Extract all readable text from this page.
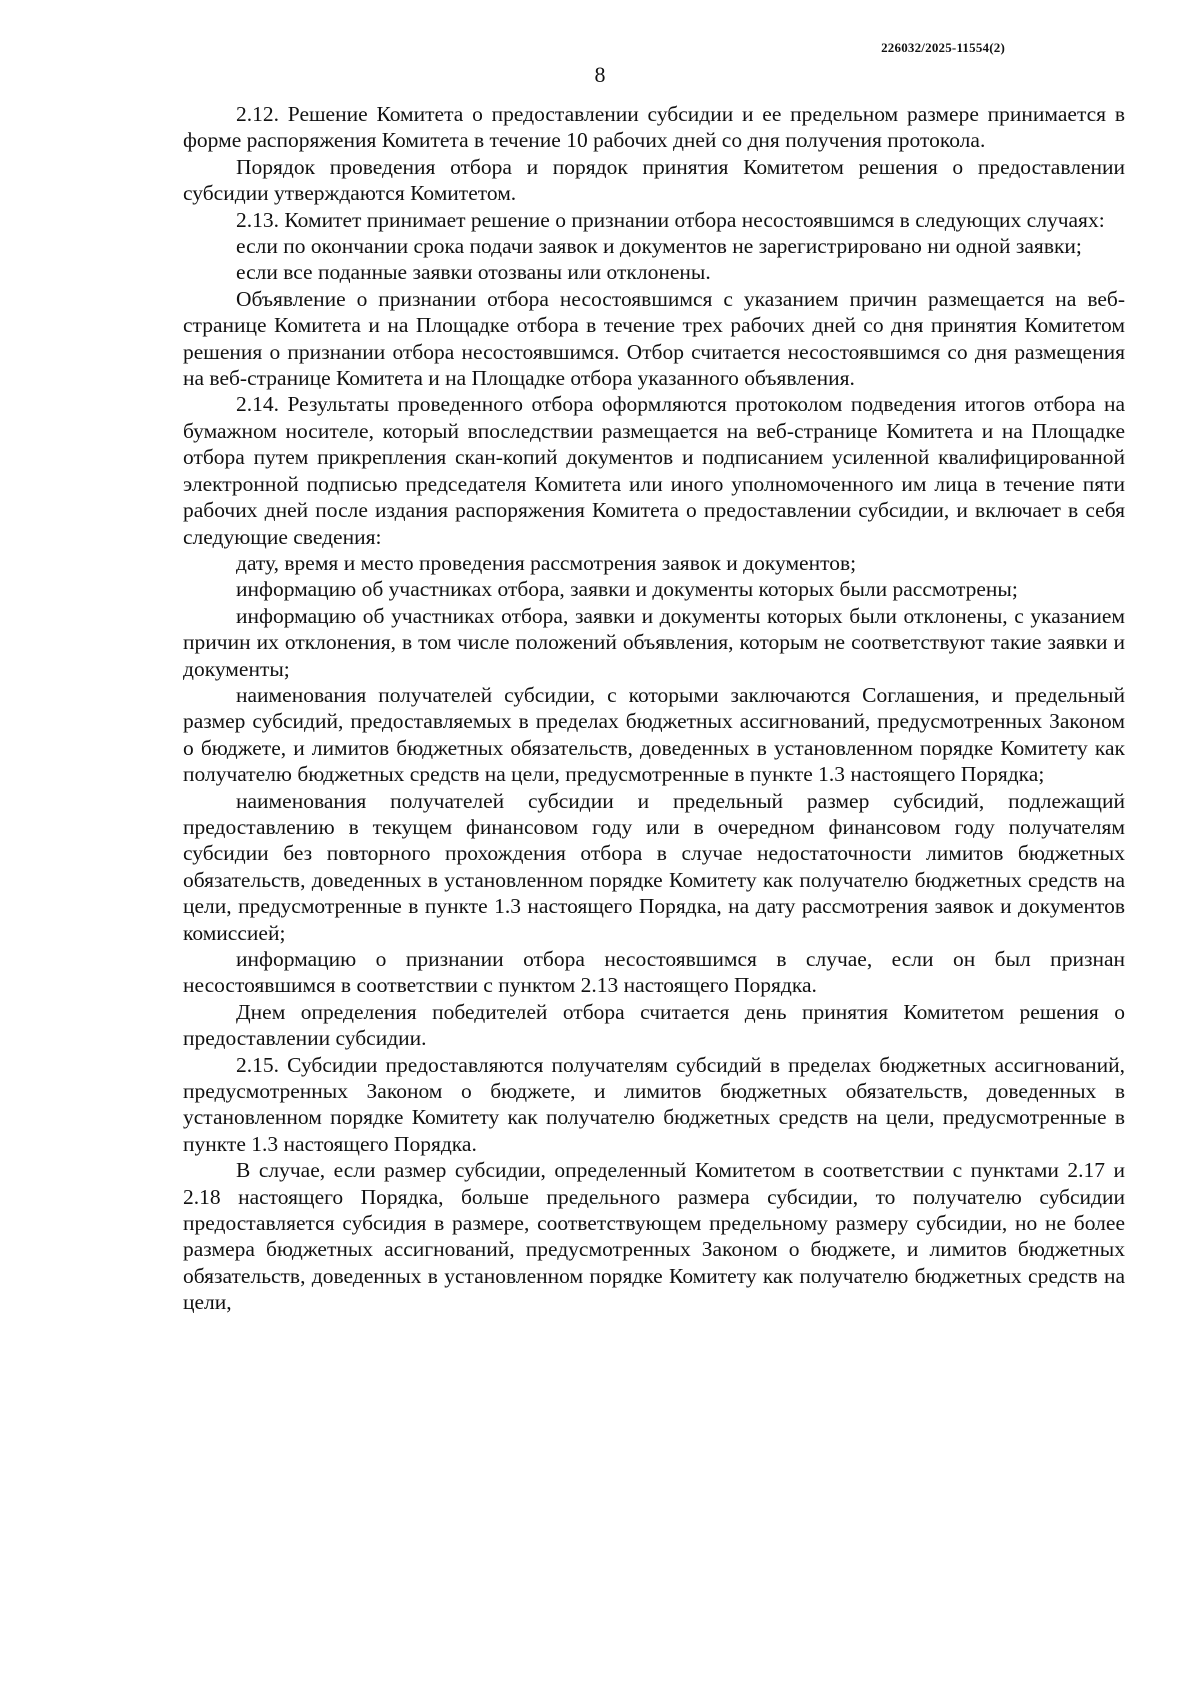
226032/2025-11554(2)
8

2.12. Решение Комитета о предоставлении субсидии и ее предельном размере принимается в форме распоряжения Комитета в течение 10 рабочих дней со дня получения протокола.

Порядок проведения отбора и порядок принятия Комитетом решения о предоставлении субсидии утверждаются Комитетом.

2.13. Комитет принимает решение о признании отбора несостоявшимся в следующих случаях:

если по окончании срока подачи заявок и документов не зарегистрировано ни одной заявки;

если все поданные заявки отозваны или отклонены.

Объявление о признании отбора несостоявшимся с указанием причин размещается на веб-странице Комитета и на Площадке отбора в течение трех рабочих дней со дня принятия Комитетом решения о признании отбора несостоявшимся. Отбор считается несостоявшимся со дня размещения на веб-странице Комитета и на Площадке отбора указанного объявления.

2.14. Результаты проведенного отбора оформляются протоколом подведения итогов отбора на бумажном носителе, который впоследствии размещается на веб-странице Комитета и на Площадке отбора путем прикрепления скан-копий документов и подписанием усиленной квалифицированной электронной подписью председателя Комитета или иного уполномоченного им лица в течение пяти рабочих дней после издания распоряжения Комитета о предоставлении субсидии, и включает в себя следующие сведения:

дату, время и место проведения рассмотрения заявок и документов;

информацию об участниках отбора, заявки и документы которых были рассмотрены;

информацию об участниках отбора, заявки и документы которых были отклонены, с указанием причин их отклонения, в том числе положений объявления, которым не соответствуют такие заявки и документы;

наименования получателей субсидии, с которыми заключаются Соглашения, и предельный размер субсидий, предоставляемых в пределах бюджетных ассигнований, предусмотренных Законом о бюджете, и лимитов бюджетных обязательств, доведенных в установленном порядке Комитету как получателю бюджетных средств на цели, предусмотренные в пункте 1.3 настоящего Порядка;

наименования получателей субсидии и предельный размер субсидий, подлежащий предоставлению в текущем финансовом году или в очередном финансовом году получателям субсидии без повторного прохождения отбора в случае недостаточности лимитов бюджетных обязательств, доведенных в установленном порядке Комитету как получателю бюджетных средств на цели, предусмотренные в пункте 1.3 настоящего Порядка, на дату рассмотрения заявок и документов комиссией;

информацию о признании отбора несостоявшимся в случае, если он был признан несостоявшимся в соответствии с пунктом 2.13 настоящего Порядка.

Днем определения победителей отбора считается день принятия Комитетом решения о предоставлении субсидии.

2.15. Субсидии предоставляются получателям субсидий в пределах бюджетных ассигнований, предусмотренных Законом о бюджете, и лимитов бюджетных обязательств, доведенных в установленном порядке Комитету как получателю бюджетных средств на цели, предусмотренные в пункте 1.3 настоящего Порядка.

В случае, если размер субсидии, определенный Комитетом в соответствии с пунктами 2.17 и 2.18 настоящего Порядка, больше предельного размера субсидии, то получателю субсидии предоставляется субсидия в размере, соответствующем предельному размеру субсидии, но не более размера бюджетных ассигнований, предусмотренных Законом о бюджете, и лимитов бюджетных обязательств, доведенных в установленном порядке Комитету как получателю бюджетных средств на цели,
